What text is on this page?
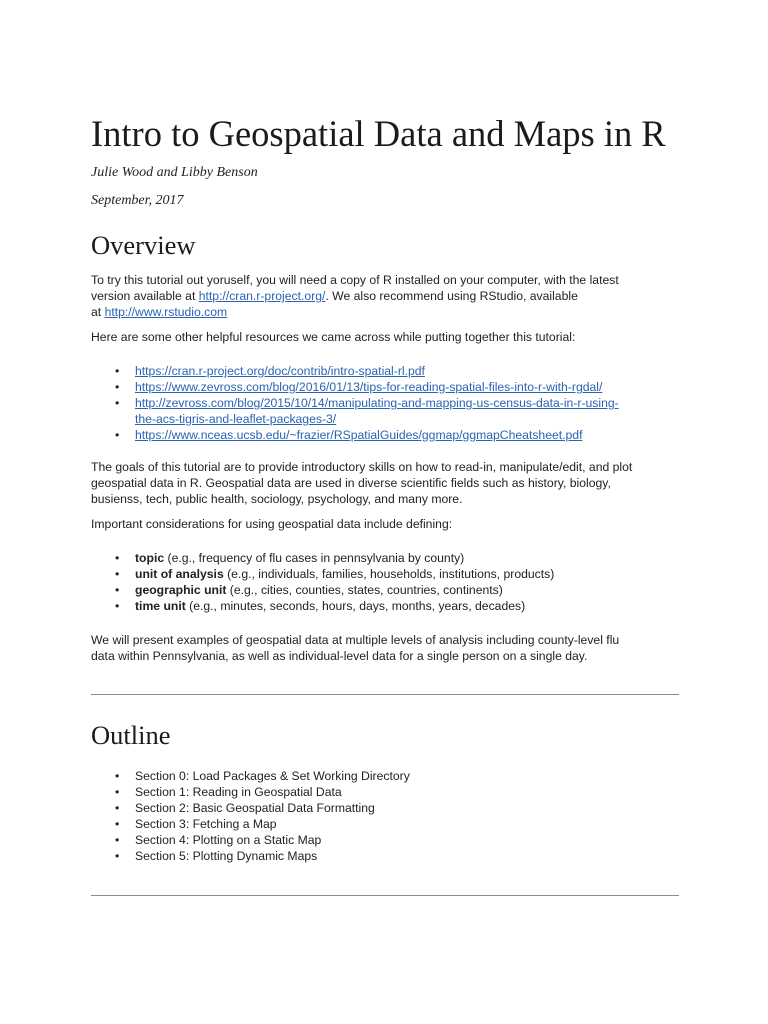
Intro to Geospatial Data and Maps in R

Julie Wood and Libby Benson

September, 2017

Overview

To try this tutorial out yoruself, you will need a copy of R installed on your computer, with the latest
version available at http://cran.r-project.org/. We also recommend using RStudio, available
at http://www.rstudio.com

Here are some other helpful resources we came across while putting together this tutorial:

• https://cran.r-project.org/doc/contrib/intro-spatial-rl.pdf
• https://www.zevross.com/blog/2016/01/13/tips-for-reading-spatial-files-into-r-with-rgdal/
• http://zevross.com/blog/2015/10/14/manipulating-and-mapping-us-census-data-in-r-using-
the-acs-tigris-and-leaflet-packages-3/
• https://www.nceas.ucsb.edu/~frazier/RSpatialGuides/ggmap/ggmapCheatsheet.pdf

The goals of this tutorial are to provide introductory skills on how to read-in, manipulate/edit, and plot
geospatial data in R. Geospatial data are used in diverse scientific fields such as history, biology,
busienss, tech, public health, sociology, psychology, and many more.

Important considerations for using geospatial data include defining:

• topic (e.g., frequency of flu cases in pennsylvania by county)
• unit of analysis (e.g., individuals, families, households, institutions, products)
• geographic unit (e.g., cities, counties, states, countries, continents)
• time unit (e.g., minutes, seconds, hours, days, months, years, decades)

We will present examples of geospatial data at multiple levels of analysis including county-level flu
data within Pennsylvania, as well as individual-level data for a single person on a single day.

Outline
• Section 0: Load Packages & Set Working Directory
• Section 1: Reading in Geospatial Data
• Section 2: Basic Geospatial Data Formatting
• Section 3: Fetching a Map
• Section 4: Plotting on a Static Map
• Section 5: Plotting Dynamic Maps
